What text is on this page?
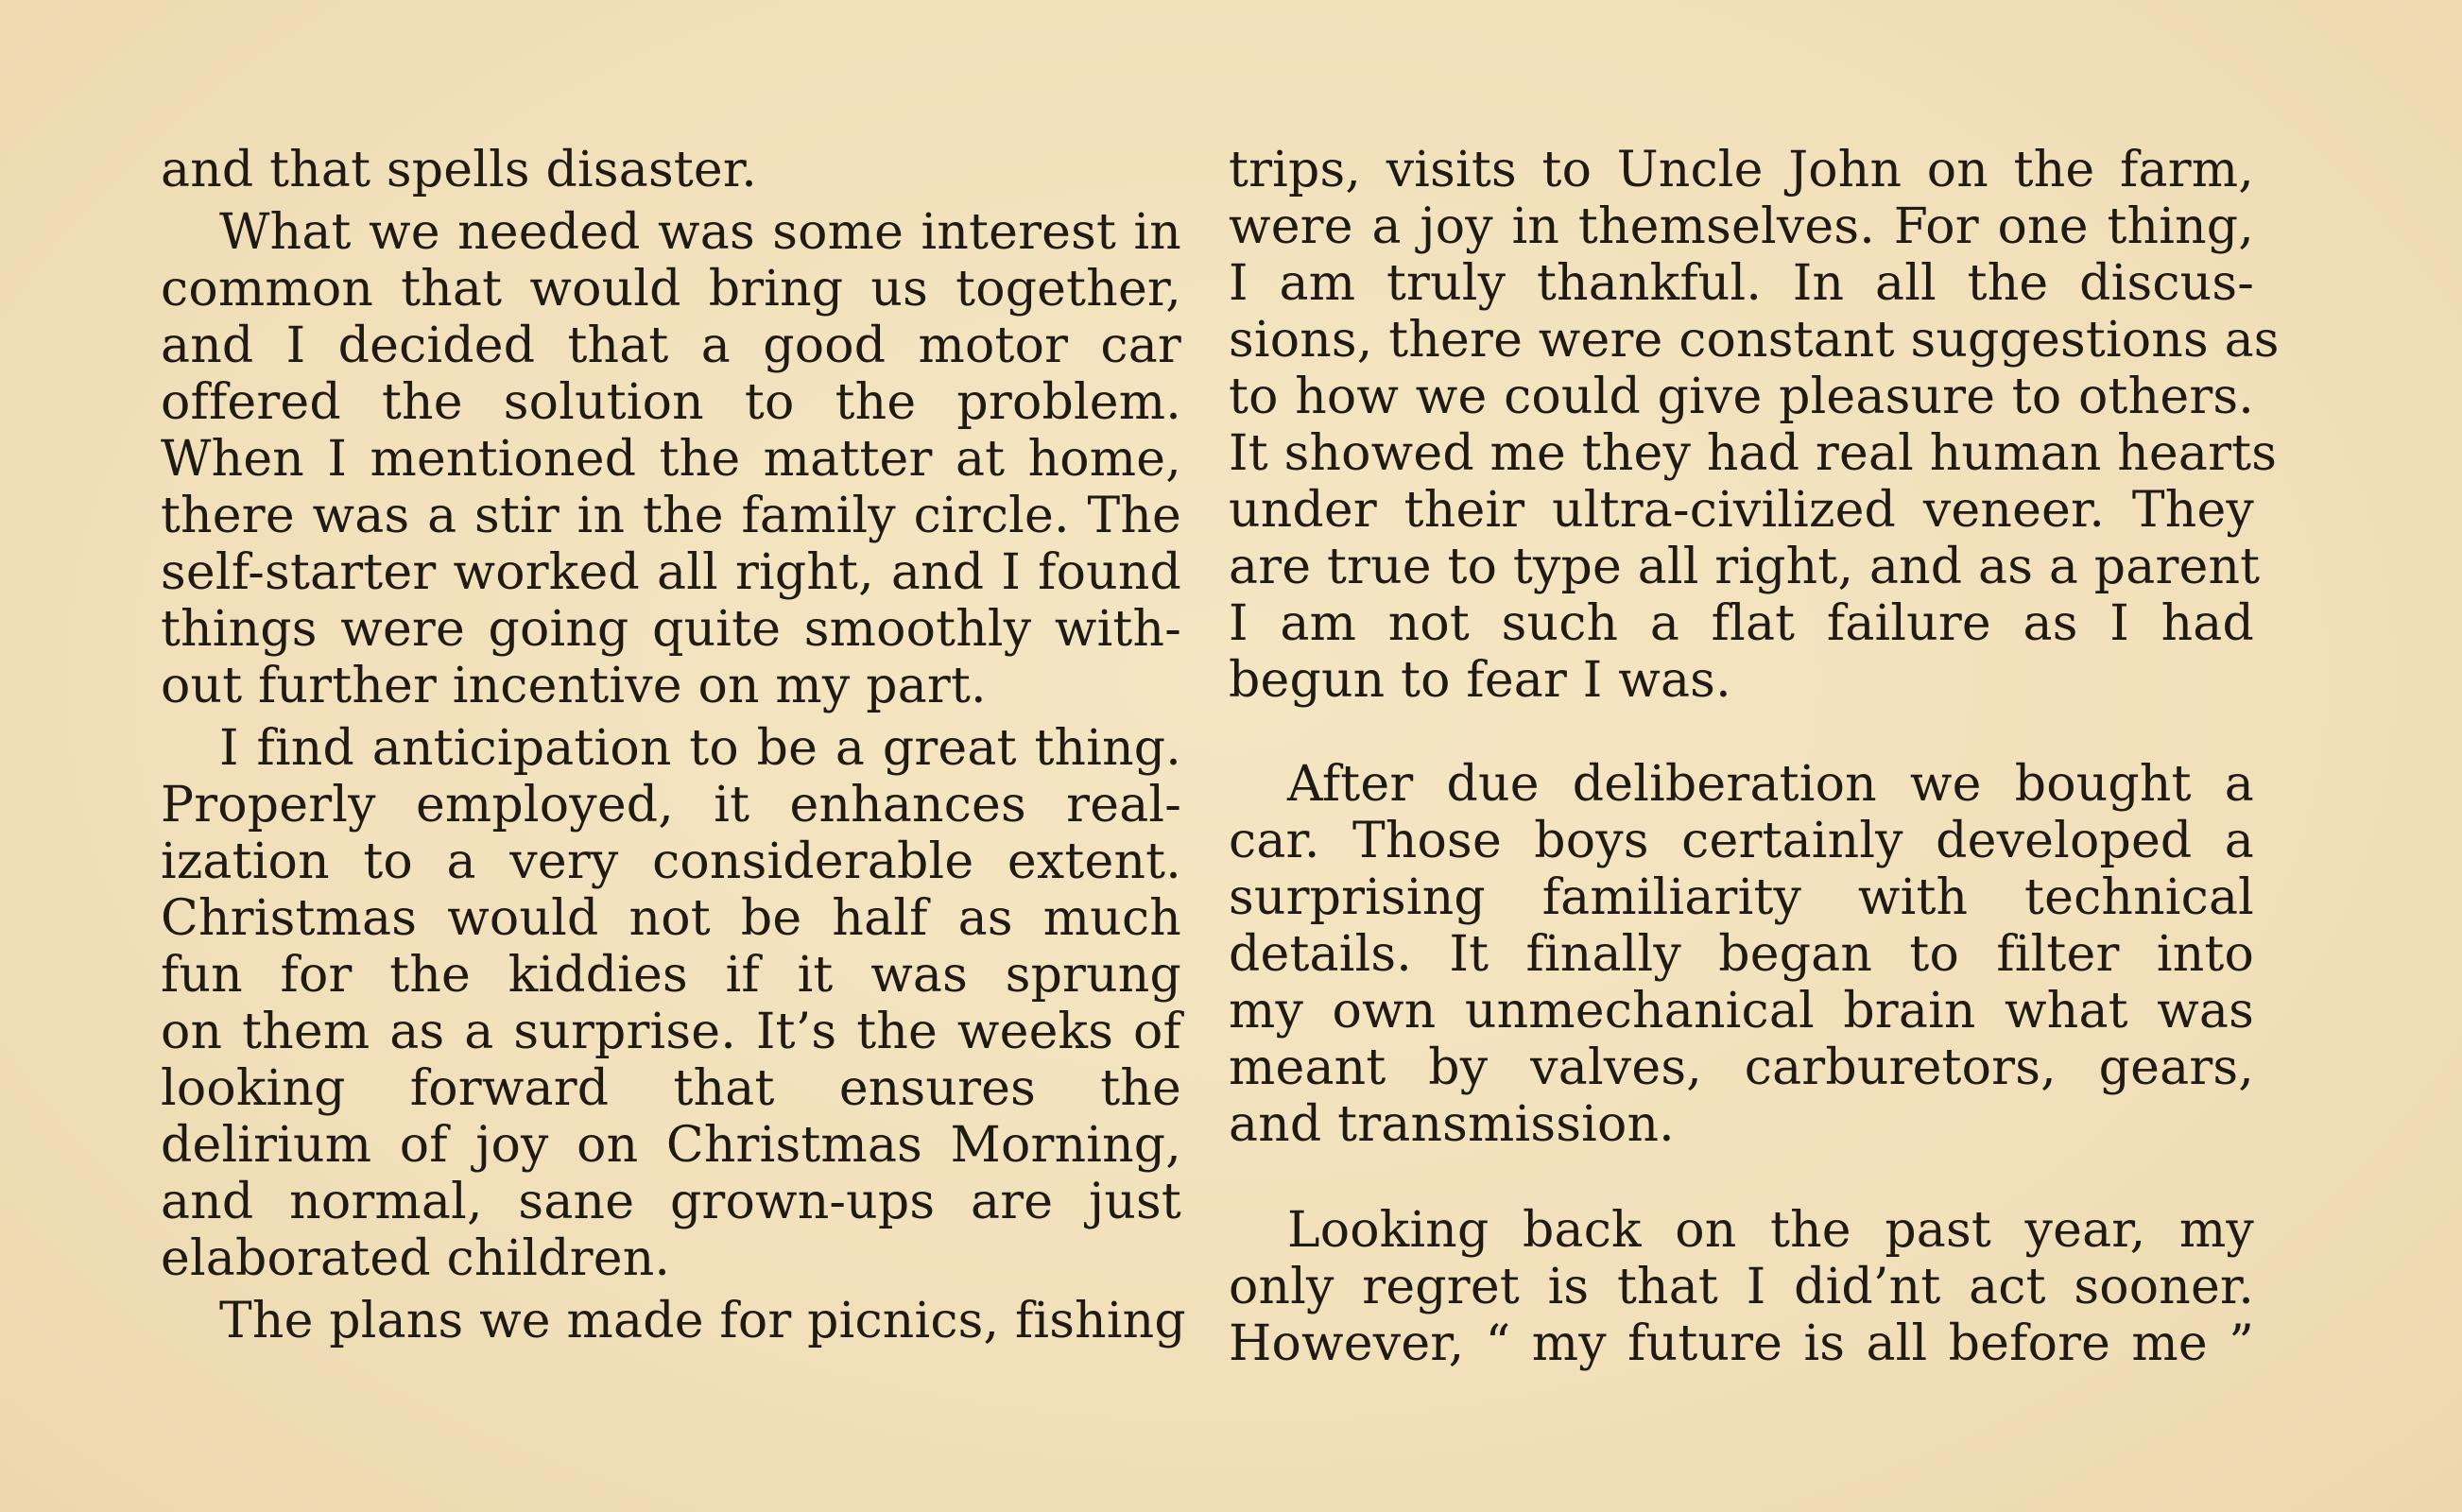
and that spells disaster.
What we needed was some interest in
common that would bring us together,
and I decided that a good motor car
offered the solution to the problem.
When I mentioned the matter at home,
there was a stir in the family circle. The
self-starter worked all right, and I found
things were going quite smoothly with-
out further incentive on my part.
I find anticipation to be a great thing.
Properly employed, it enhances real-
ization to a very considerable extent.
Christmas would not be half as much
fun for the kiddies if it was sprung
on them as a surprise. It’s the weeks of
looking forward that ensures the
delirium of joy on Christmas Morning,
and normal, sane grown-ups are just
elaborated children.
The plans we made for picnics, fishing
trips, visits to Uncle John on the farm,
were a joy in themselves. For one thing,
I am truly thankful. In all the discus-
sions, there were constant suggestions as
to how we could give pleasure to others.
It showed me they had real human hearts
under their ultra-civilized veneer. They
are true to type all right, and as a parent
I am not such a flat failure as I had
begun to fear I was.
After due deliberation we bought a
car. Those boys certainly developed a
surprising familiarity with technical
details. It finally began to filter into
my own unmechanical brain what was
meant by valves, carburetors, gears,
and transmission.
Looking back on the past year, my
only regret is that I did’nt act sooner.
However, “ my future is all before me ”
